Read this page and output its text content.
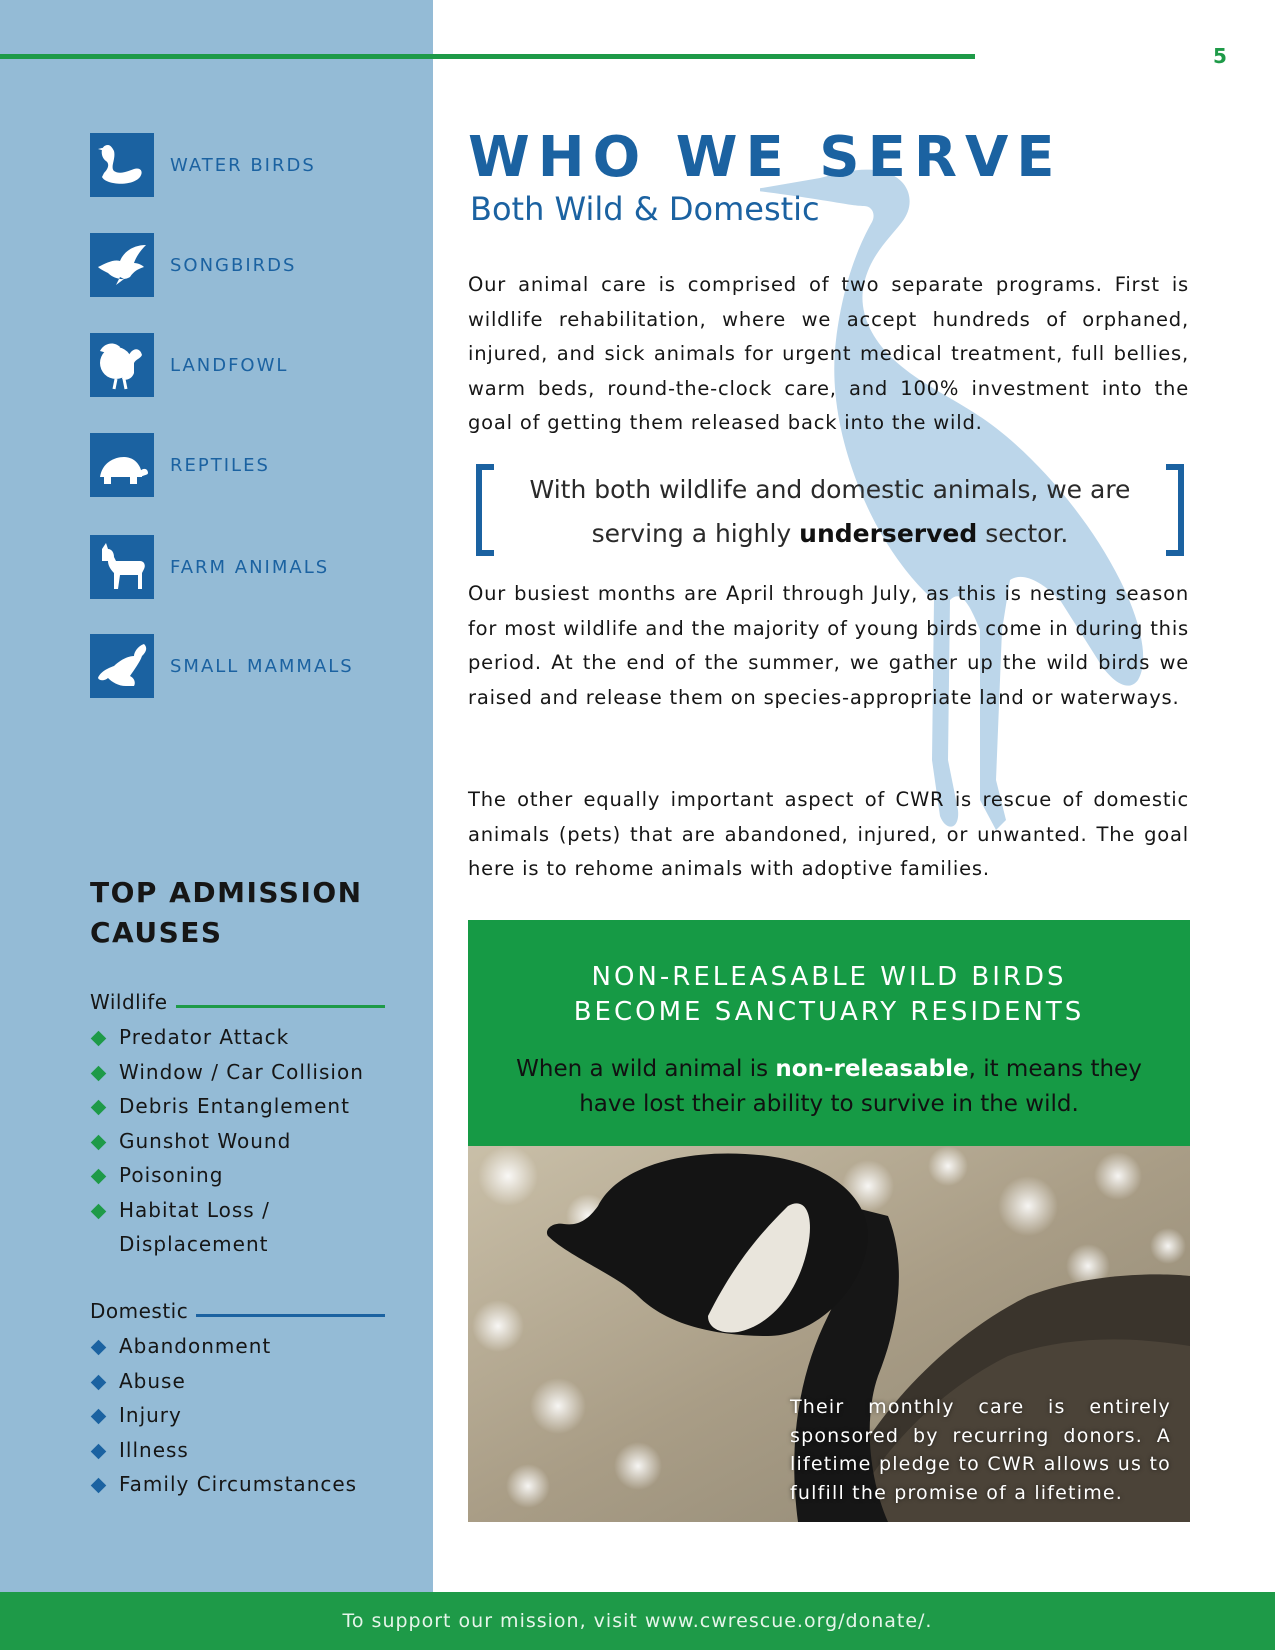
5
WATER BIRDS
SONGBIRDS
LANDFOWL
REPTILES
FARM ANIMALS
SMALL MAMMALS
TOP ADMISSION CAUSES
Wildlife
Predator Attack
Window / Car Collision
Debris Entanglement
Gunshot Wound
Poisoning
Habitat Loss / Displacement
Domestic
Abandonment
Abuse
Injury
Illness
Family Circumstances
WHO WE SERVE
Both Wild & Domestic

Our animal care is comprised of two separate programs. First is wildlife rehabilitation, where we accept hundreds of orphaned, injured, and sick animals for urgent medical treatment, full bellies, warm beds, round-the-clock care, and 100% investment into the goal of getting them released back into the wild.

With both wildlife and domestic animals, we are serving a highly underserved sector.

Our busiest months are April through July, as this is nesting season for most wildlife and the majority of young birds come in during this period. At the end of the summer, we gather up the wild birds we raised and release them on species-appropriate land or waterways.

The other equally important aspect of CWR is rescue of domestic animals (pets) that are abandoned, injured, or unwanted. The goal here is to rehome animals with adoptive families.

NON-RELEASABLE WILD BIRDS
BECOME SANCTUARY RESIDENTS

When a wild animal is non-releasable, it means they have lost their ability to survive in the wild.

Their monthly care is entirely sponsored by recurring donors. A lifetime pledge to CWR allows us to fulfill the promise of a lifetime.

To support our mission, visit www.cwrescue.org/donate/.
